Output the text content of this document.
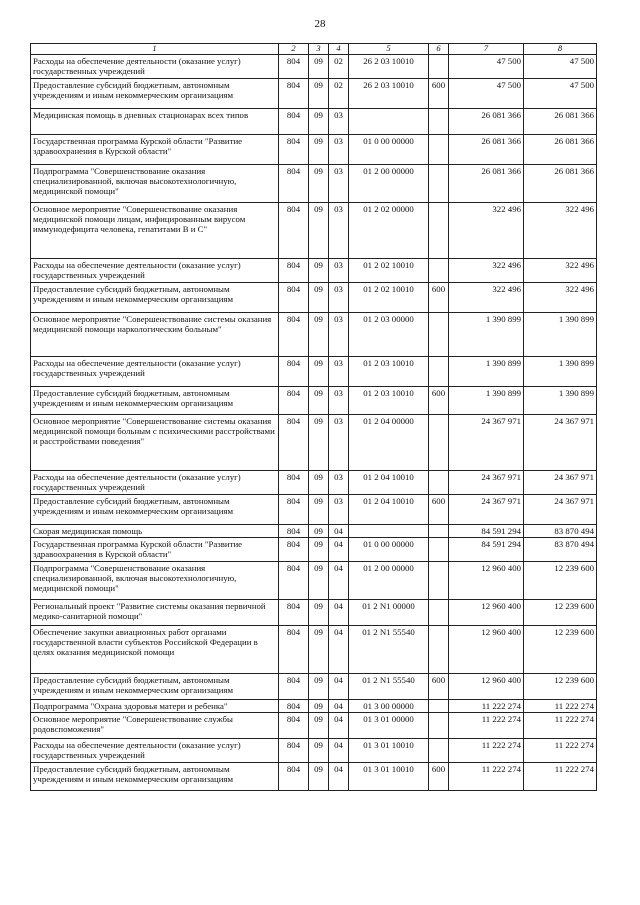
28
1	2	3	4	5	6	7	8
Расходы на обеспечение деятельности (оказание услуг) государственных учреждений	804	09	02	26 2 03 10010		47 500	47 500
Предоставление субсидий бюджетным, автономным учреждениям и иным некоммерческим организациям	804	09	02	26 2 03 10010	600	47 500	47 500
Медицинская помощь в дневных стационарах всех типов	804	09	03			26 081 366	26 081 366
Государственная программа Курской области "Развитие здравоохранения в Курской области"	804	09	03	01 0 00 00000		26 081 366	26 081 366
Подпрограмма "Совершенствование оказания специализированной, включая высокотехнологичную, медицинской помощи"	804	09	03	01 2 00 00000		26 081 366	26 081 366
Основное мероприятие "Совершенствование оказания медицинской помощи лицам, инфицированным вирусом иммунодефицита человека, гепатитами В и С"	804	09	03	01 2 02 00000		322 496	322 496
Расходы на обеспечение деятельности (оказание услуг) государственных учреждений	804	09	03	01 2 02 10010		322 496	322 496
Предоставление субсидий бюджетным, автономным учреждениям и иным некоммерческим организациям	804	09	03	01 2 02 10010	600	322 496	322 496
Основное мероприятие "Совершенствование системы оказания медицинской помощи наркологическим больным"	804	09	03	01 2 03 00000		1 390 899	1 390 899
Расходы на обеспечение деятельности (оказание услуг) государственных учреждений	804	09	03	01 2 03 10010		1 390 899	1 390 899
Предоставление субсидий бюджетным, автономным учреждениям и иным некоммерческим организациям	804	09	03	01 2 03 10010	600	1 390 899	1 390 899
Основное мероприятие "Совершенствование системы оказания медицинской помощи больным с психическими расстройствами и расстройствами поведения"	804	09	03	01 2 04 00000		24 367 971	24 367 971
Расходы на обеспечение деятельности (оказание услуг) государственных учреждений	804	09	03	01 2 04 10010		24 367 971	24 367 971
Предоставление субсидий бюджетным, автономным учреждениям и иным некоммерческим организациям	804	09	03	01 2 04 10010	600	24 367 971	24 367 971
Скорая медицинская помощь	804	09	04			84 591 294	83 870 494
Государственная программа Курской области "Развитие здравоохранения в Курской области"	804	09	04	01 0 00 00000		84 591 294	83 870 494
Подпрограмма "Совершенствование оказания специализированной, включая высокотехнологичную, медицинской помощи"	804	09	04	01 2 00 00000		12 960 400	12 239 600
Региональный проект "Развитие системы оказания первичной медико-санитарной помощи"	804	09	04	01 2 N1 00000		12 960 400	12 239 600
Обеспечение закупки авиационных работ органами государственной власти субъектов Российской Федерации в целях оказания медицинской помощи	804	09	04	01 2 N1 55540		12 960 400	12 239 600
Предоставление субсидий бюджетным, автономным учреждениям и иным некоммерческим организациям	804	09	04	01 2 N1 55540	600	12 960 400	12 239 600
Подпрограмма "Охрана здоровья матери и ребенка"	804	09	04	01 3 00 00000		11 222 274	11 222 274
Основное мероприятие "Совершенствование службы родовспоможения"	804	09	04	01 3 01 00000		11 222 274	11 222 274
Расходы на обеспечение деятельности (оказание услуг) государственных учреждений	804	09	04	01 3 01 10010		11 222 274	11 222 274
Предоставление субсидий бюджетным, автономным учреждениям и иным некоммерческим организациям	804	09	04	01 3 01 10010	600	11 222 274	11 222 274
